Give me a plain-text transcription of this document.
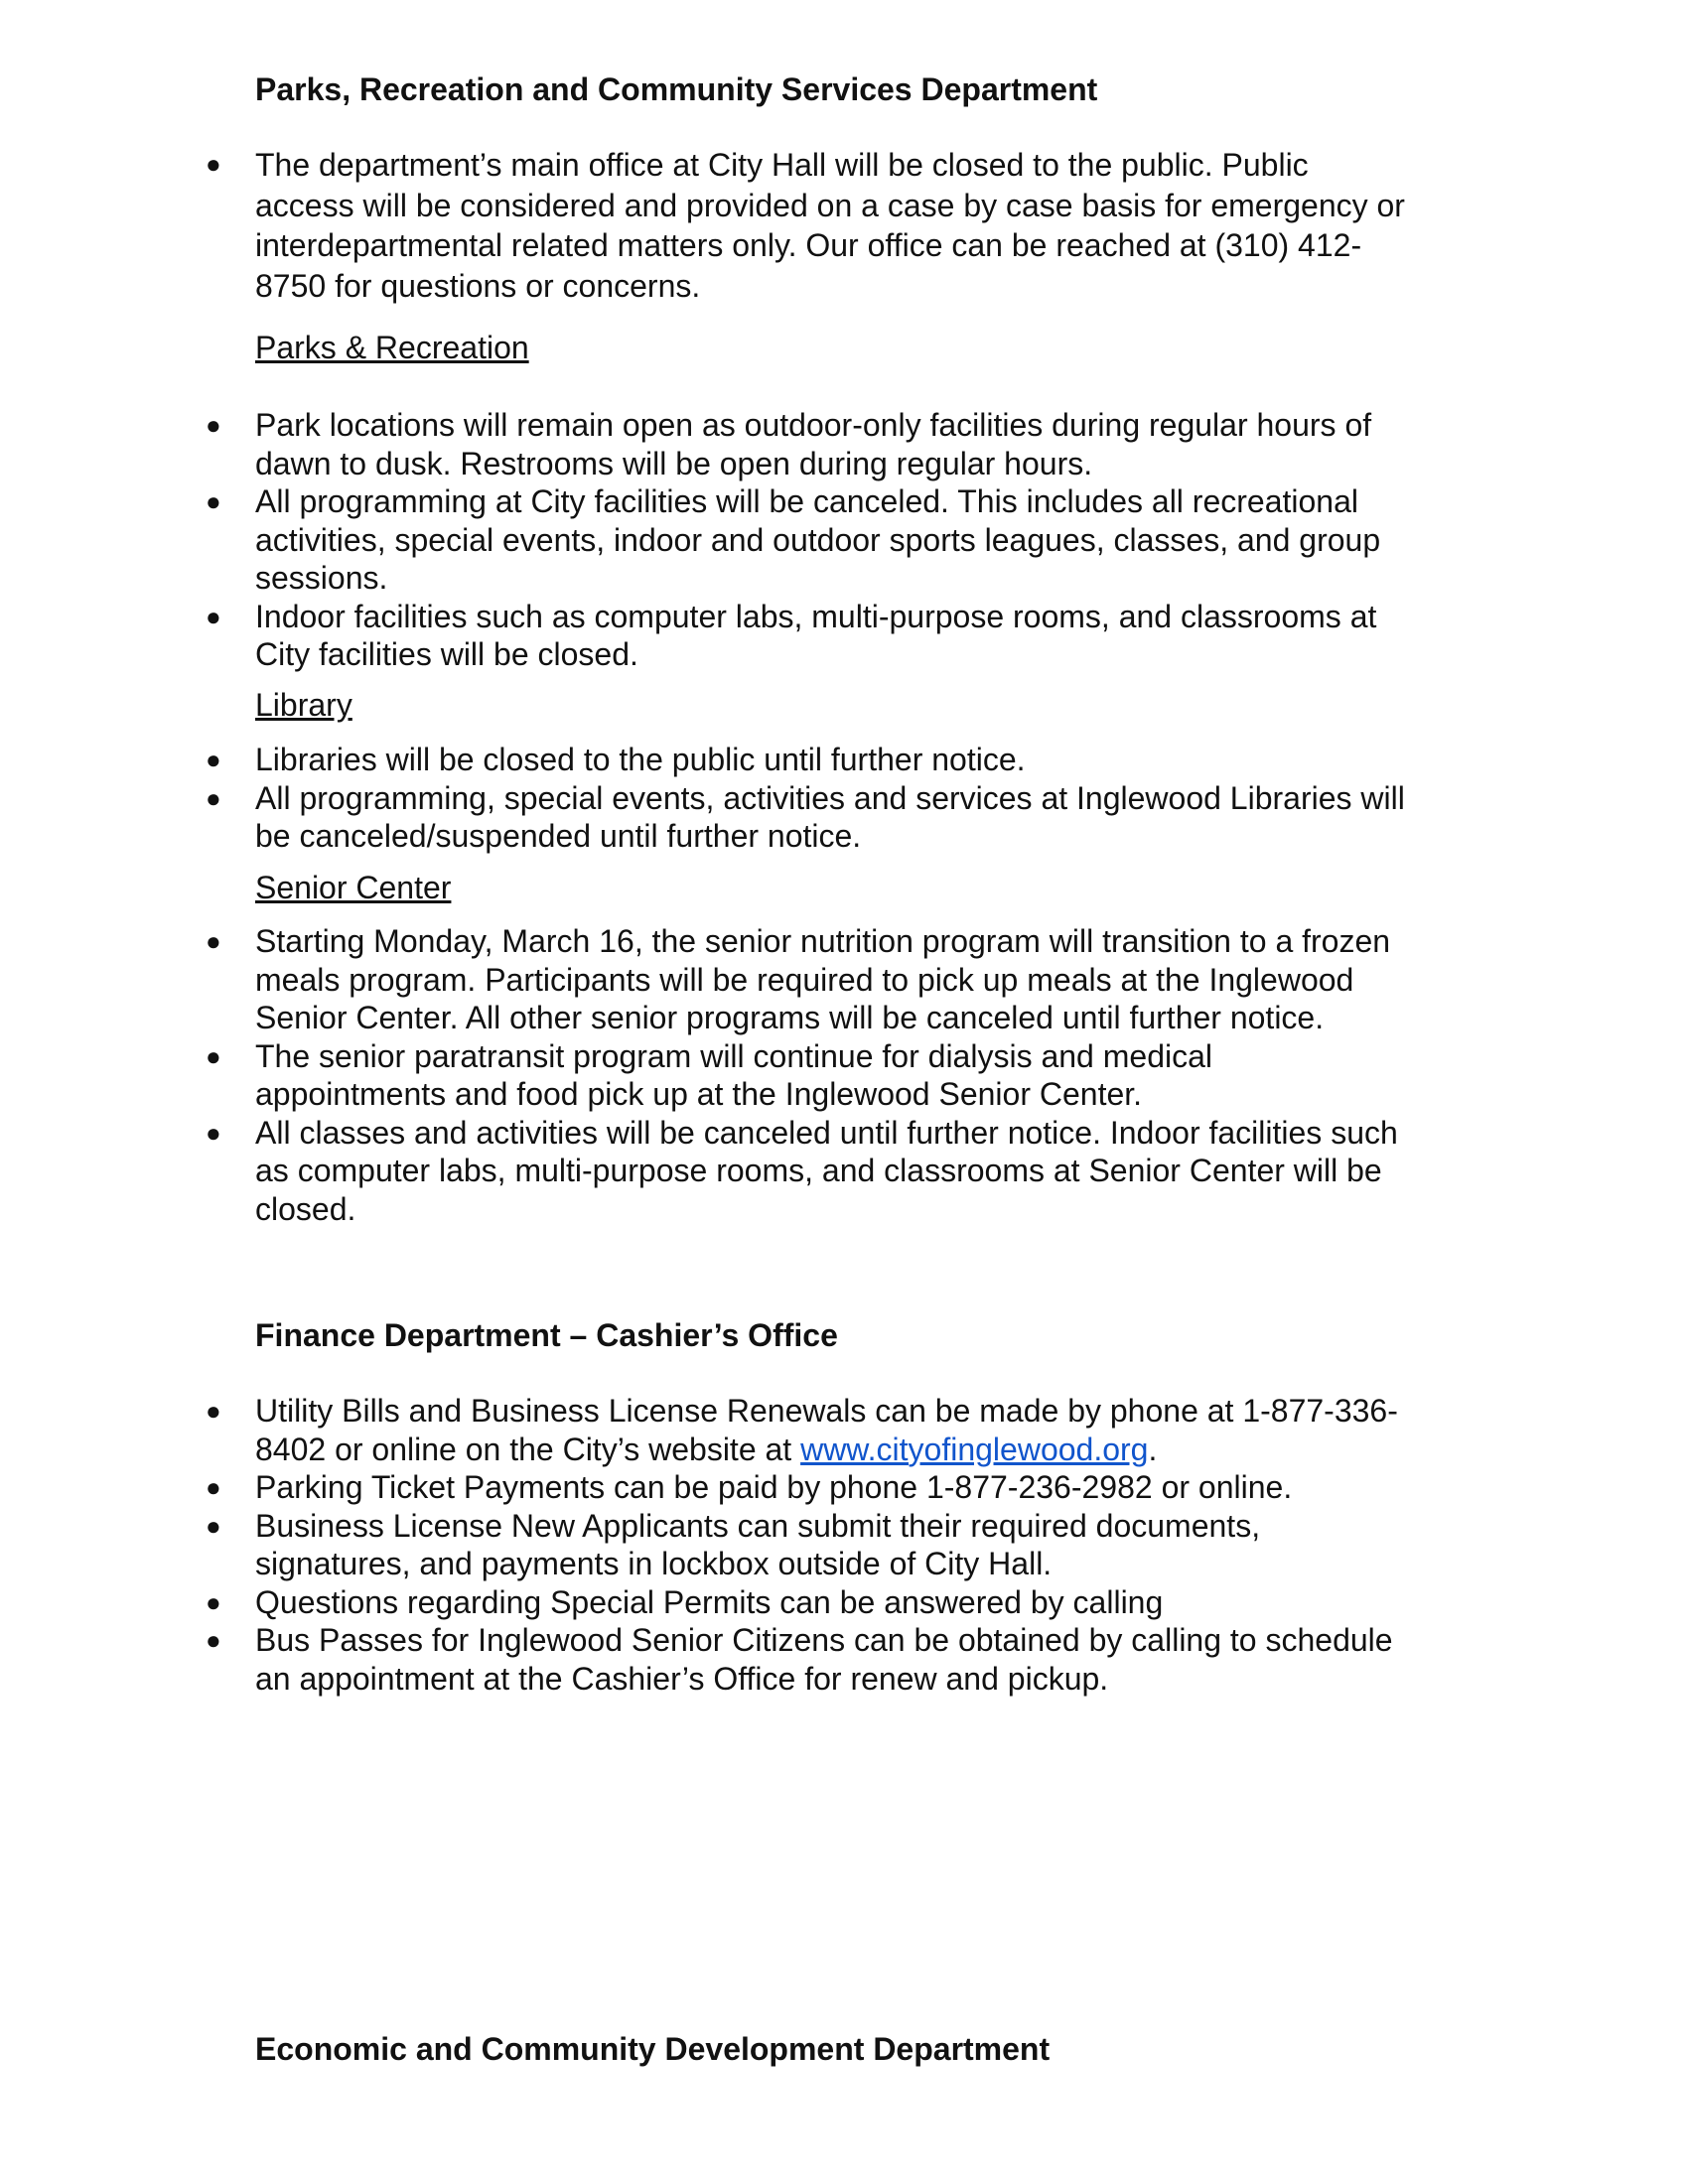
Parks, Recreation and Community Services Department
● The department’s main office at City Hall will be closed to the public. Public access will be considered and provided on a case by case basis for emergency or interdepartmental related matters only. Our office can be reached at (310) 412-8750 for questions or concerns.

Parks & Recreation
● Park locations will remain open as outdoor-only facilities during regular hours of dawn to dusk. Restrooms will be open during regular hours.

● All programming at City facilities will be canceled. This includes all recreational activities, special events, indoor and outdoor sports leagues, classes, and group sessions.

● Indoor facilities such as computer labs, multi-purpose rooms, and classrooms at City facilities will be closed.

Library
● Libraries will be closed to the public until further notice.

● All programming, special events, activities and services at Inglewood Libraries will be canceled/suspended until further notice.

Senior Center
● Starting Monday, March 16, the senior nutrition program will transition to a frozen meals program. Participants will be required to pick up meals at the Inglewood Senior Center. All other senior programs will be canceled until further notice.

● The senior paratransit program will continue for dialysis and medical appointments and food pick up at the Inglewood Senior Center.

● All classes and activities will be canceled until further notice. Indoor facilities such as computer labs, multi-purpose rooms, and classrooms at Senior Center will be closed.

Finance Department – Cashier’s Office
● Utility Bills and Business License Renewals can be made by phone at 1-877-336-8402 or online on the City’s website at www.cityofinglewood.org.

● Parking Ticket Payments can be paid by phone 1-877-236-2982 or online.

● Business License New Applicants can submit their required documents, signatures, and payments in lockbox outside of City Hall.

● Questions regarding Special Permits can be answered by calling

● Bus Passes for Inglewood Senior Citizens can be obtained by calling to schedule an appointment at the Cashier’s Office for renew and pickup.

Economic and Community Development Department
